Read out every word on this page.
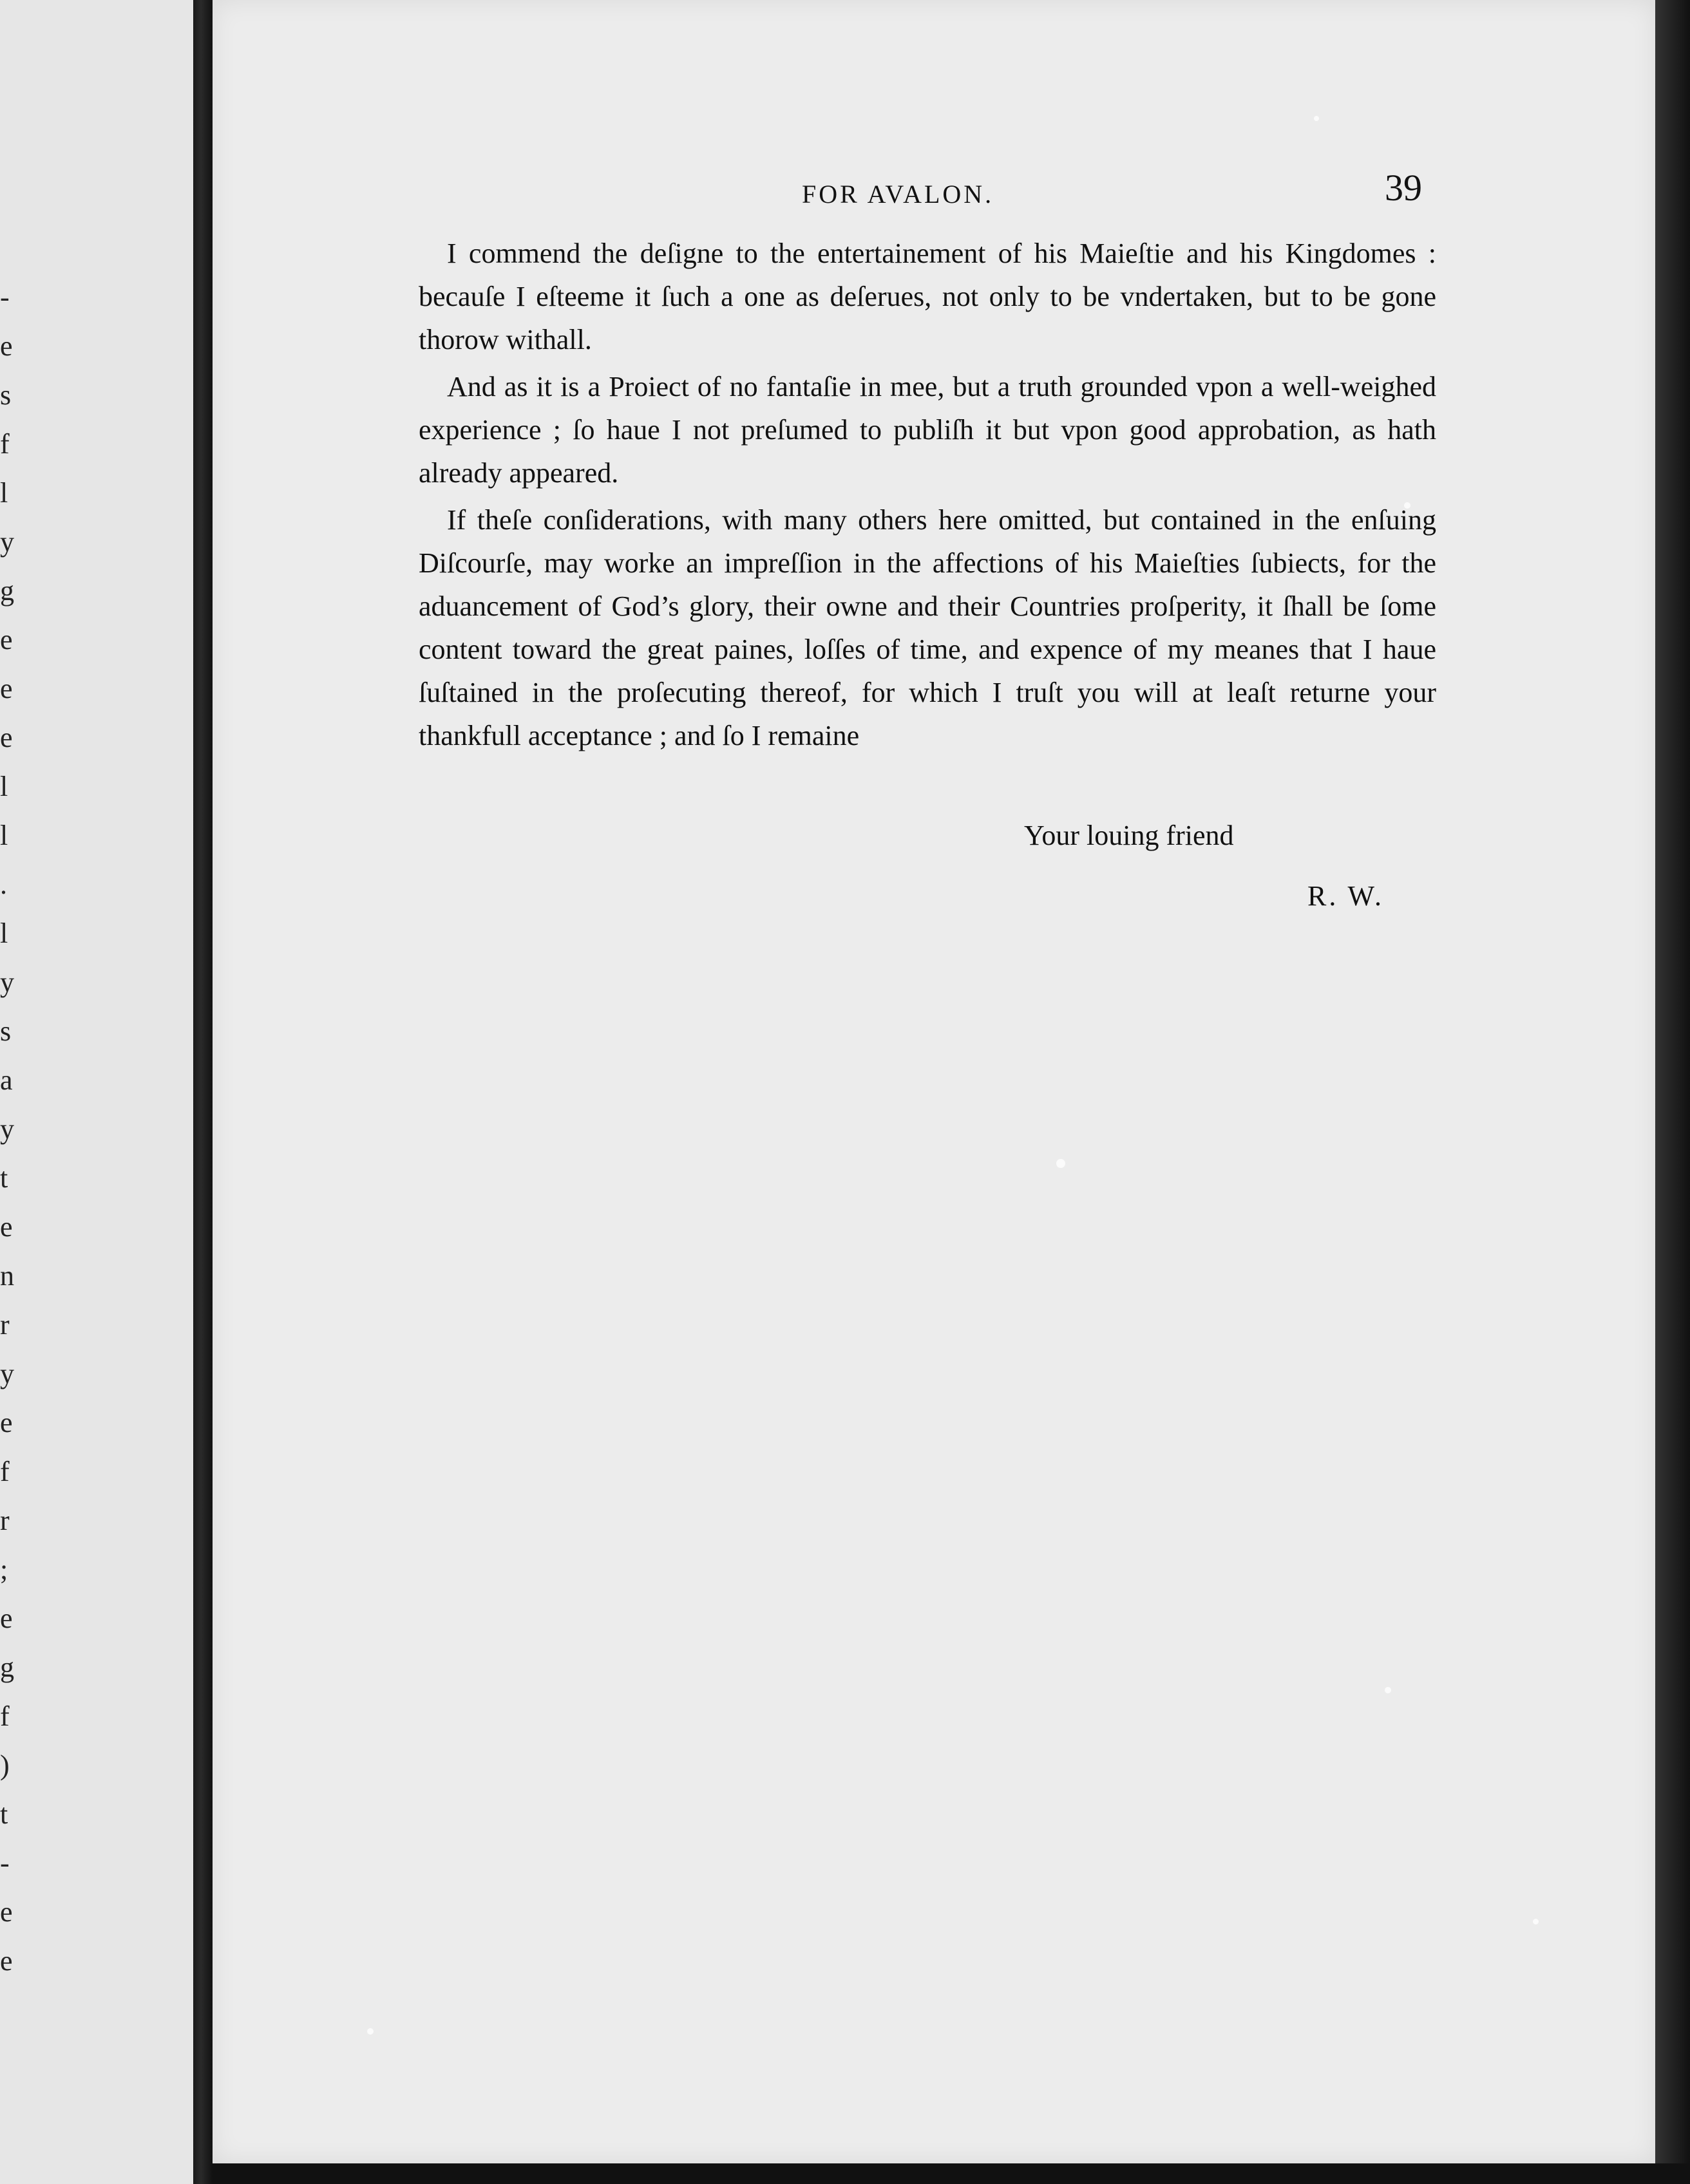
-
e
s
f
l
y
g
e
e
e
l
l
.
l
y
s
a
y
t
e
n
r
y
e
f
r
;
e
g
f
)
t
-
e
e
FOR AVALON.	39

I commend the deſigne to the entertainement of his Maieſtie and his Kingdomes : becauſe I eſteeme it ſuch a one as deſerues, not only to be vndertaken, but to be gone thorow withall.

And as it is a Proiect of no fantaſie in mee, but a truth grounded vpon a well-weighed experience ; ſo haue I not preſumed to publiſh it but vpon good approbation, as hath already appeared.

If theſe conſiderations, with many others here omitted, but contained in the enſuing Diſcourſe, may worke an impreſſion in the affections of his Maieſties ſubiects, for the aduancement of God’s glory, their owne and their Countries proſperity, it ſhall be ſome content toward the great paines, loſſes of time, and expence of my meanes that I haue ſuſtained in the proſecuting thereof, for which I truſt you will at leaſt returne your thankfull acceptance ; and ſo I remaine

Your louing friend
R. W.
